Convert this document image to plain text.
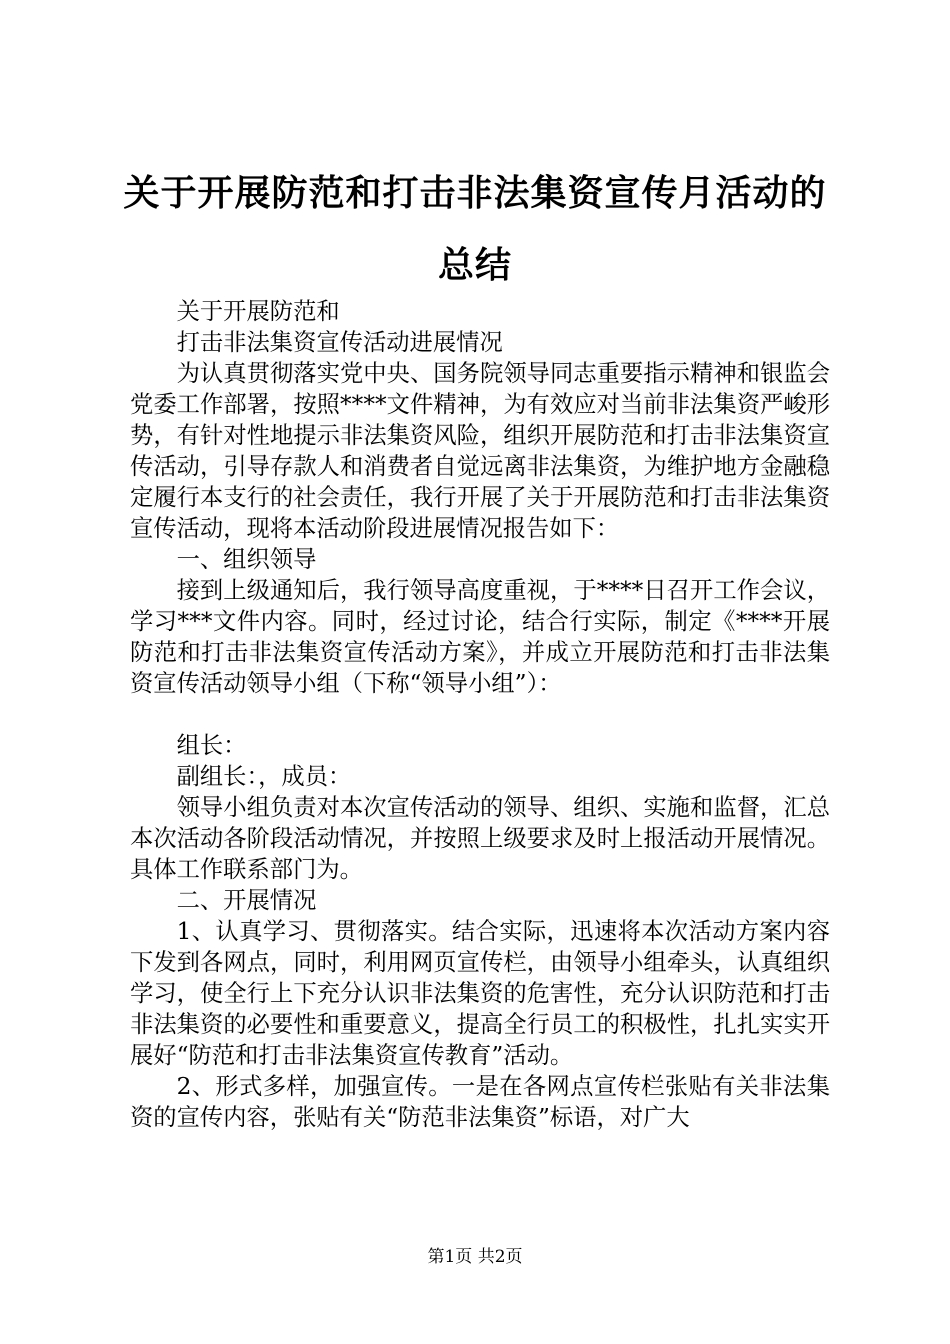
关于开展防范和打击非法集资宣传月活动的总结

关于开展防范和

打击非法集资宣传活动进展情况

为认真贯彻落实党中央、国务院领导同志重要指示精神和银监会党委工作部署，按照****文件精神，为有效应对当前非法集资严峻形势，有针对性地提示非法集资风险，组织开展防范和打击非法集资宣传活动，引导存款人和消费者自觉远离非法集资，为维护地方金融稳定履行本支行的社会责任，我行开展了关于开展防范和打击非法集资宣传活动，现将本活动阶段进展情况报告如下：

一、组织领导

接到上级通知后，我行领导高度重视，于****日召开工作会议，学习***文件内容。同时，经过讨论，结合行实际，制定《****开展防范和打击非法集资宣传活动方案》，并成立开展防范和打击非法集资宣传活动领导小组（下称“领导小组”）：

组长：

副组长：，成员：

领导小组负责对本次宣传活动的领导、组织、实施和监督，汇总本次活动各阶段活动情况，并按照上级要求及时上报活动开展情况。具体工作联系部门为。

二、开展情况

1、认真学习、贯彻落实。结合实际，迅速将本次活动方案内容下发到各网点，同时，利用网页宣传栏，由领导小组牵头，认真组织学习，使全行上下充分认识非法集资的危害性，充分认识防范和打击非法集资的必要性和重要意义，提高全行员工的积极性，扎扎实实开展好“防范和打击非法集资宣传教育”活动。

2、形式多样，加强宣传。一是在各网点宣传栏张贴有关非法集资的宣传内容，张贴有关“防范非法集资”标语，对广大

第1页 共2页
